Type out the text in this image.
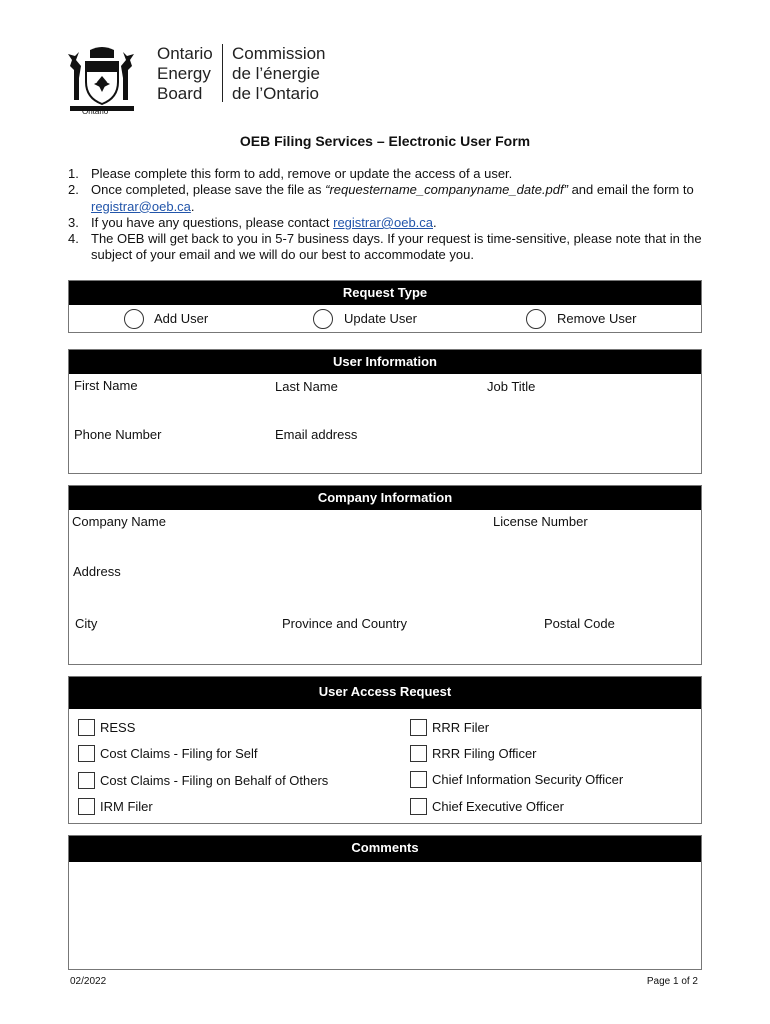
Ontario
Ontario
Energy
Board
Commission
de l’énergie
de l’Ontario
OEB Filing Services – Electronic User Form
1. Please complete this form to add, remove or update the access of a user.
2. Once completed, please save the file as “requestername_companyname_date.pdf” and email the form to registrar@oeb.ca.
3. If you have any questions, please contact registrar@oeb.ca.
4. The OEB will get back to you in 5-7 business days. If your request is time-sensitive, please note that in the subject of your email and we will do our best to accommodate you.
Request Type
Add User	Update User	Remove User
User Information
First Name	Last Name	Job Title
Phone Number	Email address
Company Information
Company Name	License Number
Address
City	Province and Country	Postal Code
User Access Request
RESS
Cost Claims - Filing for Self
Cost Claims - Filing on Behalf of Others
IRM Filer
RRR Filer
RRR Filing Officer
Chief Information Security Officer
Chief Executive Officer
Comments
02/2022	Page 1 of 2
